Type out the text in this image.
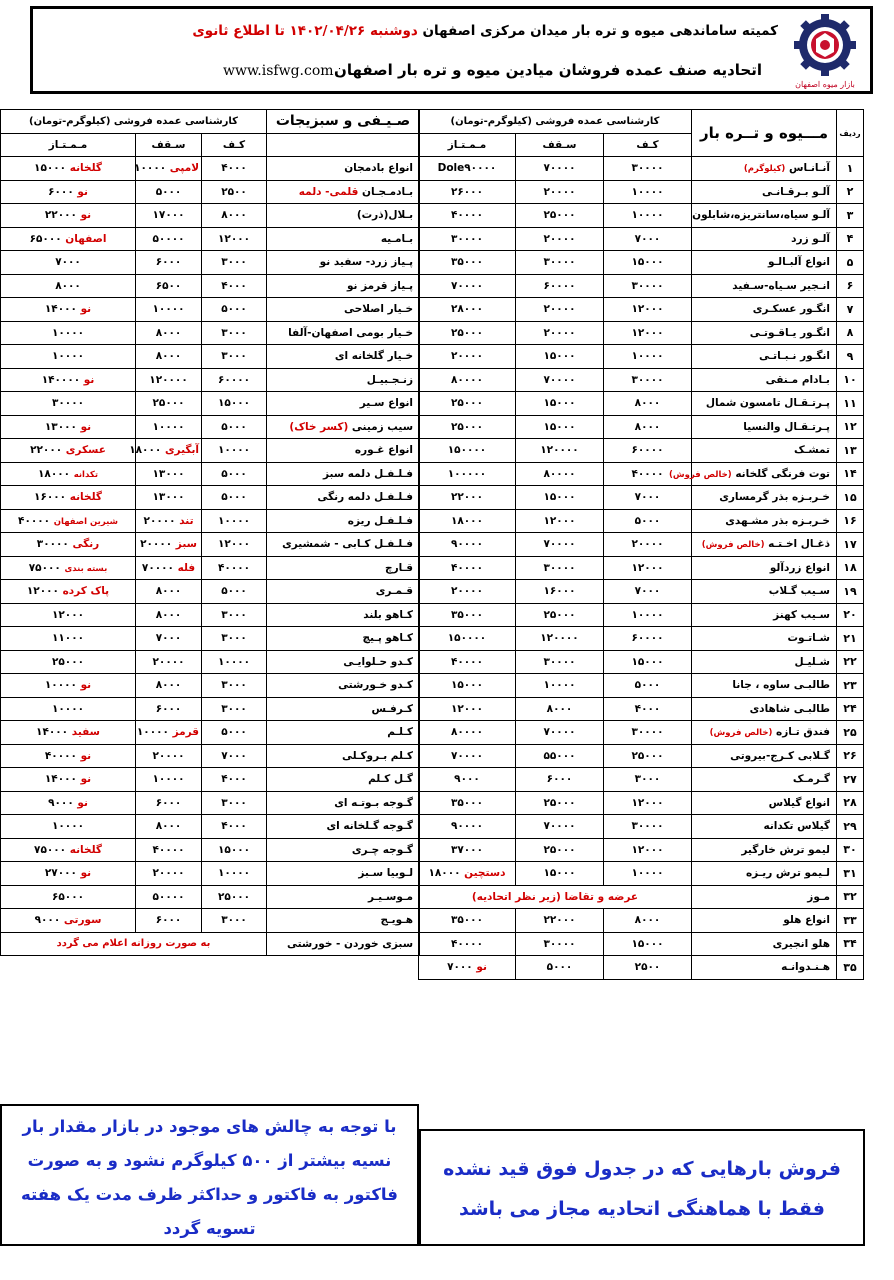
بازار میوه اصفهان
کمیته ساماندهی میوه و تره بار میدان مرکزی اصفهان دوشنبه ۱۴۰۲/۰۴/۲۶ تا اطلاع ثانوی
اتحادیه صنف عمده فروشان میادین میوه و تره بار اصفهان
www.isfwg.com
ردیف	مـــیوه و تــره بار	کارشناسی عمده فروشی (کیلوگرم-تومان)			
		کـف	سـقف	مـمـتـاز	
۱	آنـانـاس (کیلوگرم)	۳۰۰۰۰	۷۰۰۰۰	Dole۹۰۰۰۰	
۲	آلـو بـرقـانـی	۱۰۰۰۰	۲۰۰۰۰	۲۶۰۰۰	
۳	آلـو سیاه،سانتریزه،شابلون	۱۰۰۰۰	۲۵۰۰۰	۴۰۰۰۰	
۴	آلـو زرد	۷۰۰۰	۲۰۰۰۰	۳۰۰۰۰	
۵	انواع آلبـالـو	۱۵۰۰۰	۳۰۰۰۰	۳۵۰۰۰	
۶	انـجیر سـیاه-سـفید	۳۰۰۰۰	۶۰۰۰۰	۷۰۰۰۰	
۷	انگـور عسکـری	۱۲۰۰۰	۲۰۰۰۰	۲۸۰۰۰	
۸	انگـور یـاقـوتـی	۱۲۰۰۰	۲۰۰۰۰	۲۵۰۰۰	
۹	انگـور نـبـاتـی	۱۰۰۰۰	۱۵۰۰۰	۲۰۰۰۰	
۱۰	بـادام مـنقی	۳۰۰۰۰	۷۰۰۰۰	۸۰۰۰۰	
۱۱	پـرتـقـال تامسون شمال	۸۰۰۰	۱۵۰۰۰	۲۵۰۰۰	
۱۲	پـرتـقـال والنسیا	۸۰۰۰	۱۵۰۰۰	۲۵۰۰۰	
۱۳	تمشـک	۶۰۰۰۰	۱۲۰۰۰۰	۱۵۰۰۰۰	
۱۴	توت فرنگی گلخانه (خالص فروش)	۴۰۰۰۰	۸۰۰۰۰	۱۰۰۰۰۰	
۱۵	خـربـزه بذر گرمساری	۷۰۰۰	۱۵۰۰۰	۲۲۰۰۰	
۱۶	خـربـزه بذر مشـهدی	۵۰۰۰	۱۲۰۰۰	۱۸۰۰۰	
۱۷	ذغـال اخـتـه (خالص فروش)	۲۰۰۰۰	۷۰۰۰۰	۹۰۰۰۰	
۱۸	انواع زردآلو	۱۲۰۰۰	۳۰۰۰۰	۴۰۰۰۰	
۱۹	سـیب گـلاب	۷۰۰۰	۱۶۰۰۰	۲۰۰۰۰	
۲۰	سـیب کهنز	۱۰۰۰۰	۲۵۰۰۰	۳۵۰۰۰	
۲۱	شـاتـوت	۶۰۰۰۰	۱۲۰۰۰۰	۱۵۰۰۰۰	
۲۲	شـلیـل	۱۵۰۰۰	۳۰۰۰۰	۴۰۰۰۰	
۲۳	طالبـی ساوه ، جانا	۵۰۰۰	۱۰۰۰۰	۱۵۰۰۰	
۲۴	طالبـی شاهادی	۴۰۰۰	۸۰۰۰	۱۲۰۰۰	
۲۵	فندق تـازه (خالص فروش)	۳۰۰۰۰	۷۰۰۰۰	۸۰۰۰۰	
۲۶	گـلابی کـرج-بیروتی	۲۵۰۰۰	۵۵۰۰۰	۷۰۰۰۰	
۲۷	گـرمـک	۳۰۰۰	۶۰۰۰	۹۰۰۰	
۲۸	انواع گیلاس	۱۲۰۰۰	۲۵۰۰۰	۳۵۰۰۰	
۲۹	گیلاس تکدانه	۳۰۰۰۰	۷۰۰۰۰	۹۰۰۰۰	
۳۰	لیمو ترش خارگیر	۱۲۰۰۰	۲۵۰۰۰	۳۷۰۰۰	
۳۱	لـیمو ترش ریـزه	۱۰۰۰۰	۱۵۰۰۰	دستچین ۱۸۰۰۰	
۳۲	مـوز	عرضه و تقاضا (زیر نظر اتحادیه)			
۳۳	انواع هلو	۸۰۰۰	۲۲۰۰۰	۳۵۰۰۰	
۳۴	هلو انجیری	۱۵۰۰۰	۳۰۰۰۰	۴۰۰۰۰	
۳۵	هـنـدوانـه	۲۵۰۰	۵۰۰۰	نو ۷۰۰۰	
صـیـفی و سبزیجات	کارشناسی عمده فروشی (کیلوگرم-تومان)		
	کـف	سـقف	مـمـتـاز
انواع بادمجان	۴۰۰۰	لامپی ۱۰۰۰۰	گلخانه ۱۵۰۰۰
بـادمـجـان قلمی- دلمه	۲۵۰۰	۵۰۰۰	نو ۶۰۰۰
بـلال(ذرت)	۸۰۰۰	۱۷۰۰۰	نو ۲۲۰۰۰
بـامـیه	۱۲۰۰۰	۵۰۰۰۰	اصفهان ۶۵۰۰۰
پـیاز زرد- سفید نو	۳۰۰۰	۶۰۰۰	۷۰۰۰
پـیاز قرمز نو	۴۰۰۰	۶۵۰۰	۸۰۰۰
خـیار اصلاحی	۵۰۰۰	۱۰۰۰۰	نو ۱۴۰۰۰
خـیار بومی اصفهان-آلفا	۳۰۰۰	۸۰۰۰	۱۰۰۰۰
خـیار گلخانه ای	۳۰۰۰	۸۰۰۰	۱۰۰۰۰
زنـجـبیـل	۶۰۰۰۰	۱۲۰۰۰۰	نو ۱۴۰۰۰۰
انواع سـیر	۱۵۰۰۰	۲۵۰۰۰	۳۰۰۰۰
سیب زمینی (کسر خاک)	۵۰۰۰	۱۰۰۰۰	نو ۱۳۰۰۰
انواع غـوره	۱۰۰۰۰	آبگیری ۱۸۰۰۰	عسکری ۲۲۰۰۰
فـلـفـل دلمه سبز	۵۰۰۰	۱۳۰۰۰	تکدانه ۱۸۰۰۰
فـلـفـل دلمه رنگی	۵۰۰۰	۱۳۰۰۰	گلخانه ۱۶۰۰۰
فـلـفـل ریزه	۱۰۰۰۰	تند ۲۰۰۰۰	شیرین اصفهان ۴۰۰۰۰
فـلـفـل کـابی - شمشیری	۱۲۰۰۰	سبز ۲۰۰۰۰	رنگی ۳۰۰۰۰
قـارچ	۴۰۰۰۰	فله ۷۰۰۰۰	بسته بندی ۷۵۰۰۰
قـمـری	۵۰۰۰	۸۰۰۰	پاک کرده ۱۲۰۰۰
کـاهو بلند	۳۰۰۰	۸۰۰۰	۱۲۰۰۰
کـاهو پـیچ	۳۰۰۰	۷۰۰۰	۱۱۰۰۰
کـدو حـلوایـی	۱۰۰۰۰	۲۰۰۰۰	۲۵۰۰۰
کـدو خـورشتی	۳۰۰۰	۸۰۰۰	نو ۱۰۰۰۰
کـرفـس	۳۰۰۰	۶۰۰۰	۱۰۰۰۰
کـلـم	۵۰۰۰	قرمز ۱۰۰۰۰	سفید ۱۴۰۰۰
کـلم بـروکـلی	۷۰۰۰	۲۰۰۰۰	نو ۴۰۰۰۰
گـل کـلم	۴۰۰۰	۱۰۰۰۰	نو ۱۴۰۰۰
گـوجه بـوتـه ای	۳۰۰۰	۶۰۰۰	نو ۹۰۰۰
گـوجه گـلخانه ای	۴۰۰۰	۸۰۰۰	۱۰۰۰۰
گـوجه چـری	۱۵۰۰۰	۴۰۰۰۰	گلخانه ۷۵۰۰۰
لـوبیا سـبز	۱۰۰۰۰	۲۰۰۰۰	نو ۲۷۰۰۰
مـوسـیـر	۲۵۰۰۰	۵۰۰۰۰	۶۵۰۰۰
هـویـج	۳۰۰۰	۶۰۰۰	سورتی ۹۰۰۰
سبزی خوردن - خورشتی	به صورت روزانه اعلام می گردد		
با توجه به چالش های موجود در بازار مقدار بار نسیه بیشتر از ۵۰۰ کیلوگرم نشود و به صورت فاکتور به فاکتور و حداکثر ظرف مدت یک هفته تسویه گردد
فروش بارهایی که در جدول فوق قید نشده فقط با هماهنگی اتحادیه مجاز می باشد
